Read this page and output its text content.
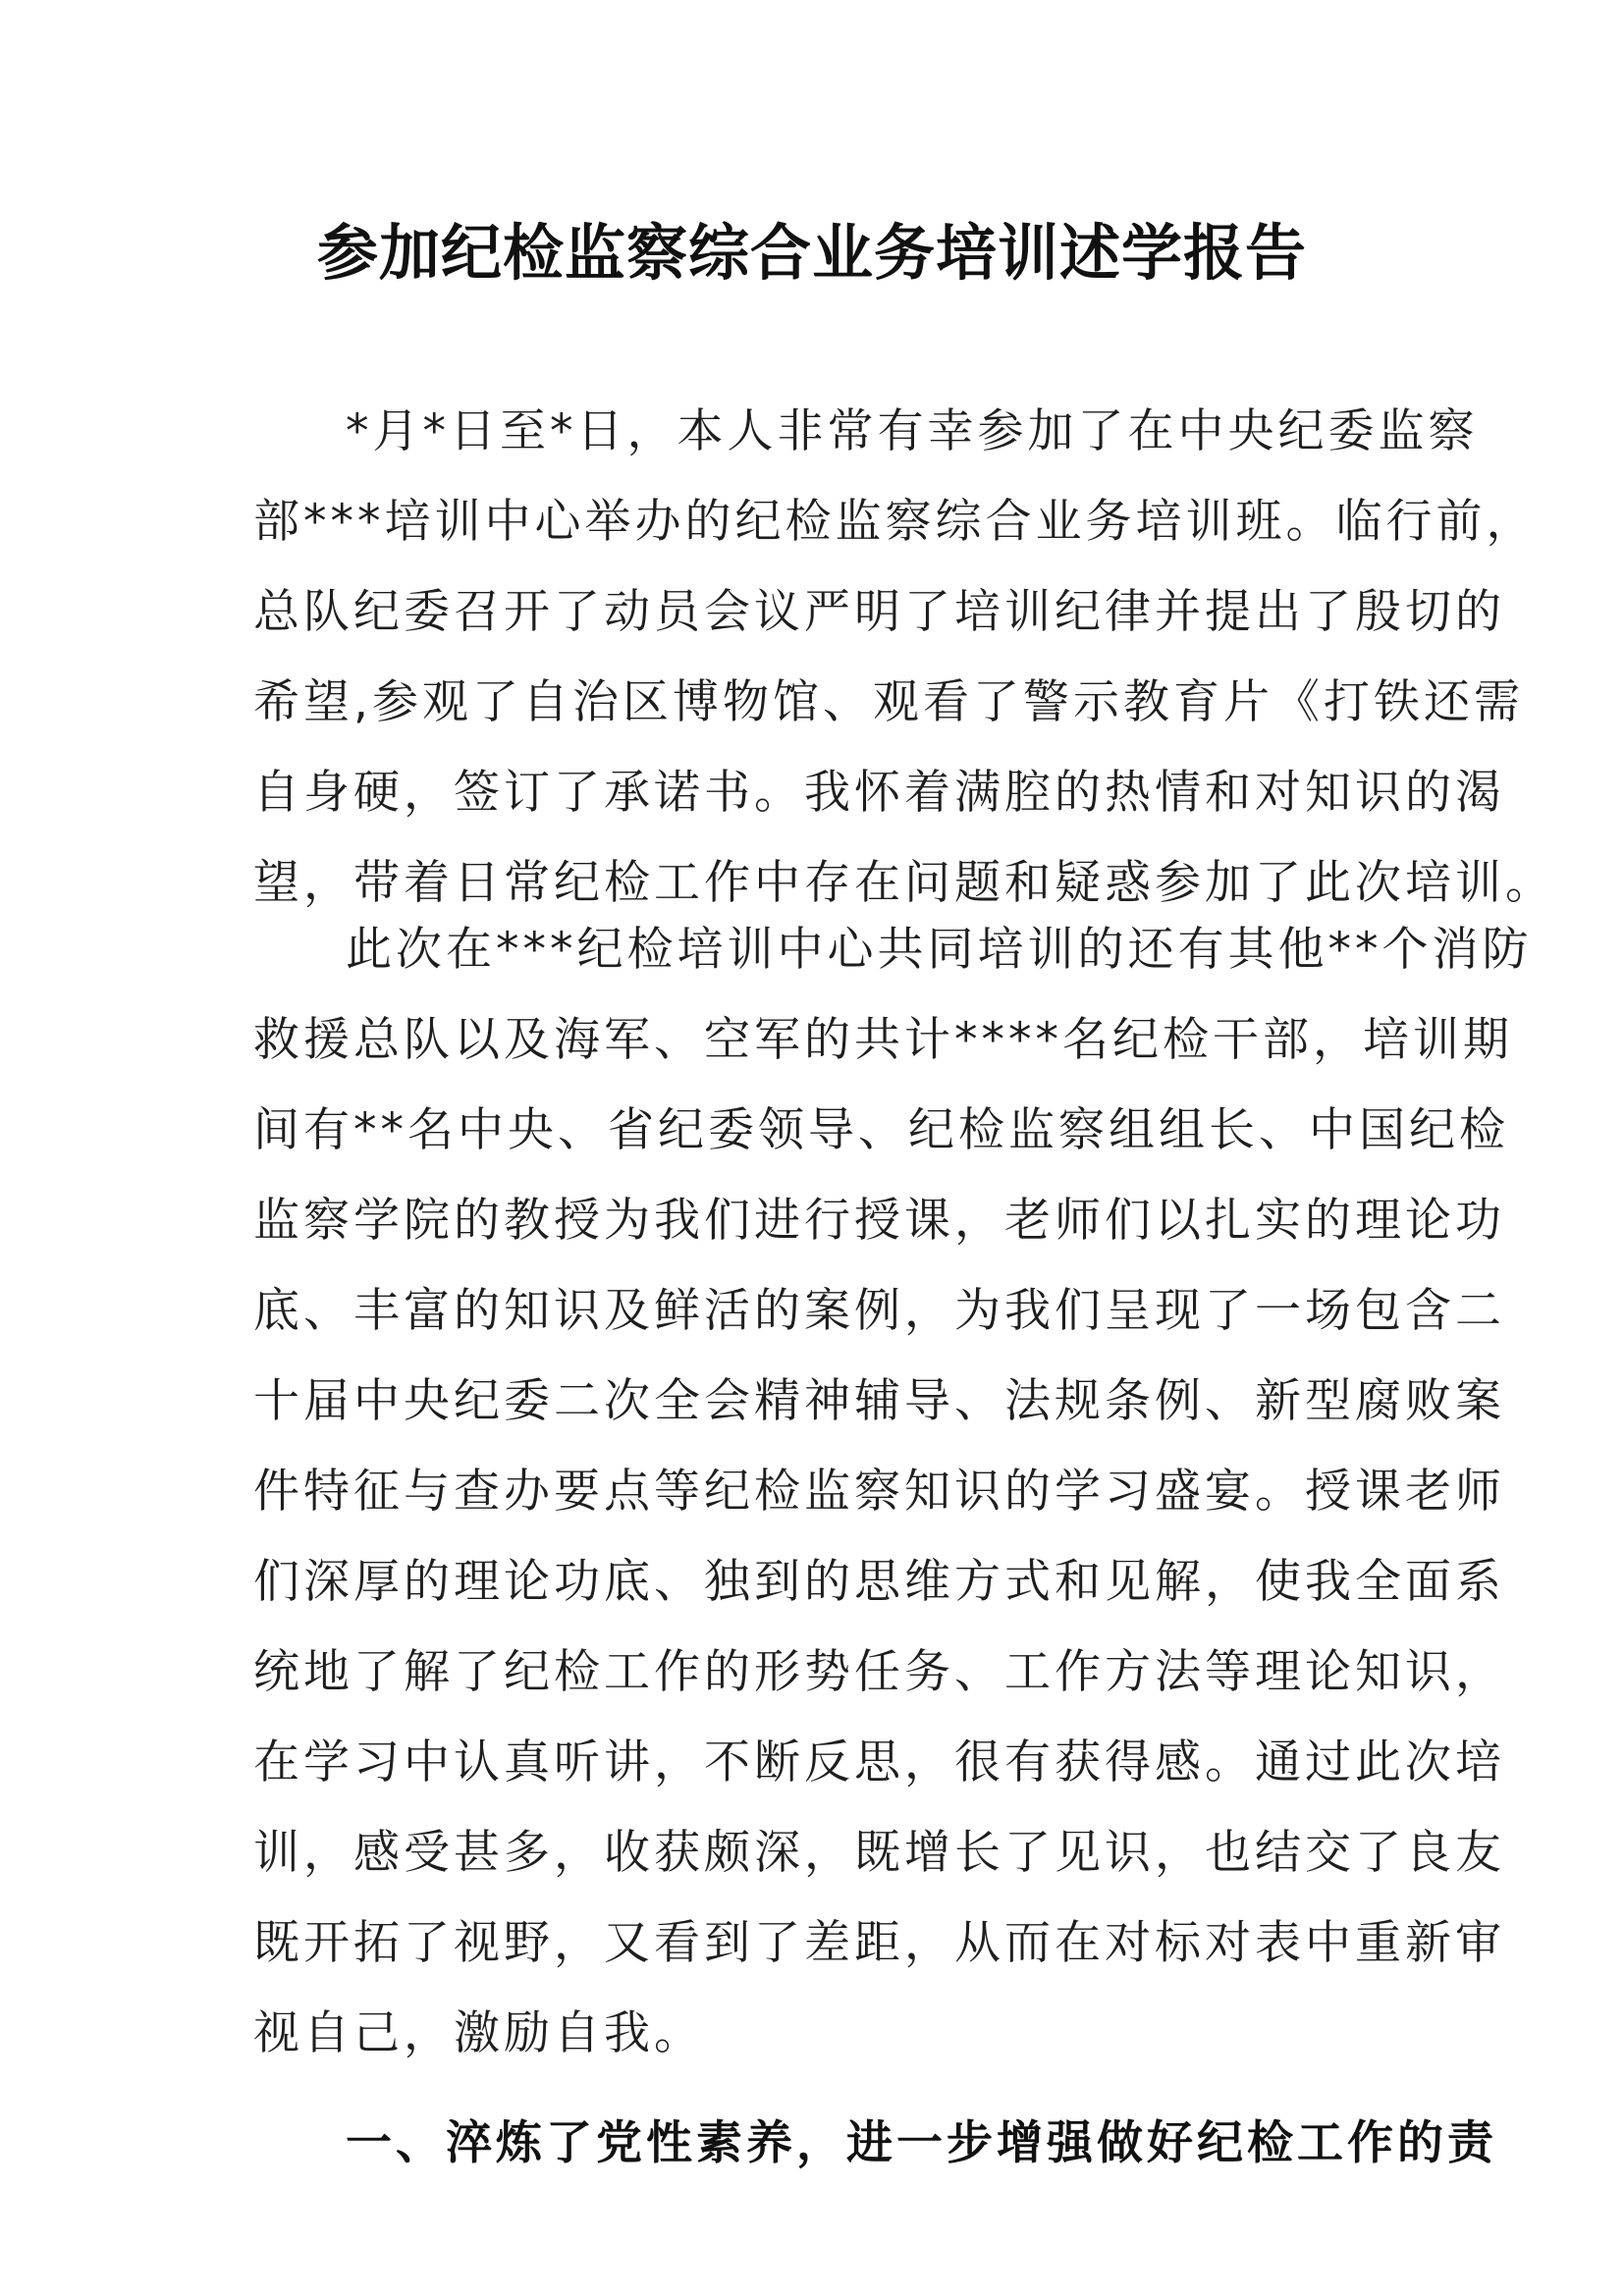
参加纪检监察综合业务培训述学报告
*月*日至*日，本人非常有幸参加了在中央纪委监察
部***培训中心举办的纪检监察综合业务培训班。临行前，
总队纪委召开了动员会议严明了培训纪律并提出了殷切的
希望,参观了自治区博物馆、观看了警示教育片《打铁还需
自身硬，签订了承诺书。我怀着满腔的热情和对知识的渴
望，带着日常纪检工作中存在问题和疑惑参加了此次培训。
此次在***纪检培训中心共同培训的还有其他**个消防
救援总队以及海军、空军的共计****名纪检干部，培训期
间有**名中央、省纪委领导、纪检监察组组长、中国纪检
监察学院的教授为我们进行授课，老师们以扎实的理论功
底、丰富的知识及鲜活的案例，为我们呈现了一场包含二
十届中央纪委二次全会精神辅导、法规条例、新型腐败案
件特征与查办要点等纪检监察知识的学习盛宴。授课老师
们深厚的理论功底、独到的思维方式和见解，使我全面系
统地了解了纪检工作的形势任务、工作方法等理论知识，
在学习中认真听讲，不断反思，很有获得感。通过此次培
训，感受甚多，收获颇深，既增长了见识，也结交了良友
既开拓了视野，又看到了差距，从而在对标对表中重新审
视自己，激励自我。
一、淬炼了党性素养，进一步增强做好纪检工作的责
